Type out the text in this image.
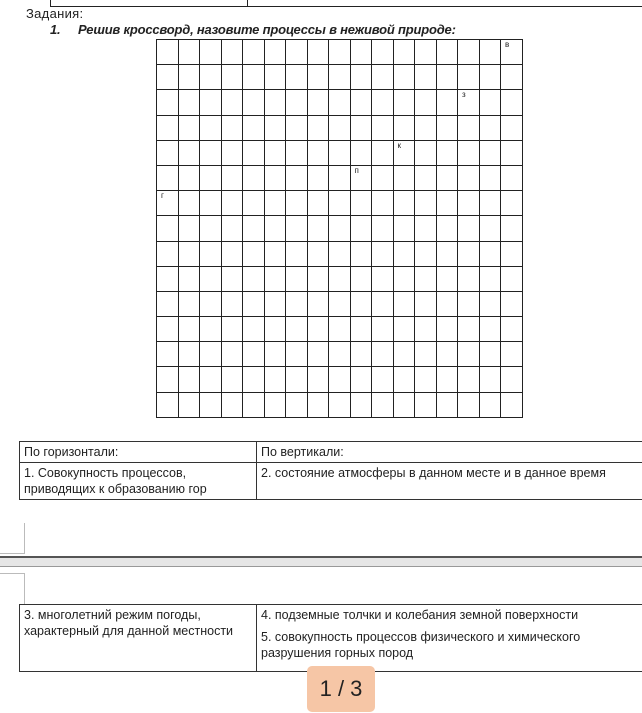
Задания:
1. Решив кроссворд, назовите процессы в неживой природе:
в
з
к
п
г
По горизонтали:	По вертикали:
1. Совокупность процессов, приводящих к образованию гор	2. состояние атмосферы в данном месте и в данное время
3. многолетний режим погоды, характерный для данной местности	
4. подземные толчки и колебания земной поверхности
5. совокупность процессов физического и химического разрушения горных пород
1 / 3
